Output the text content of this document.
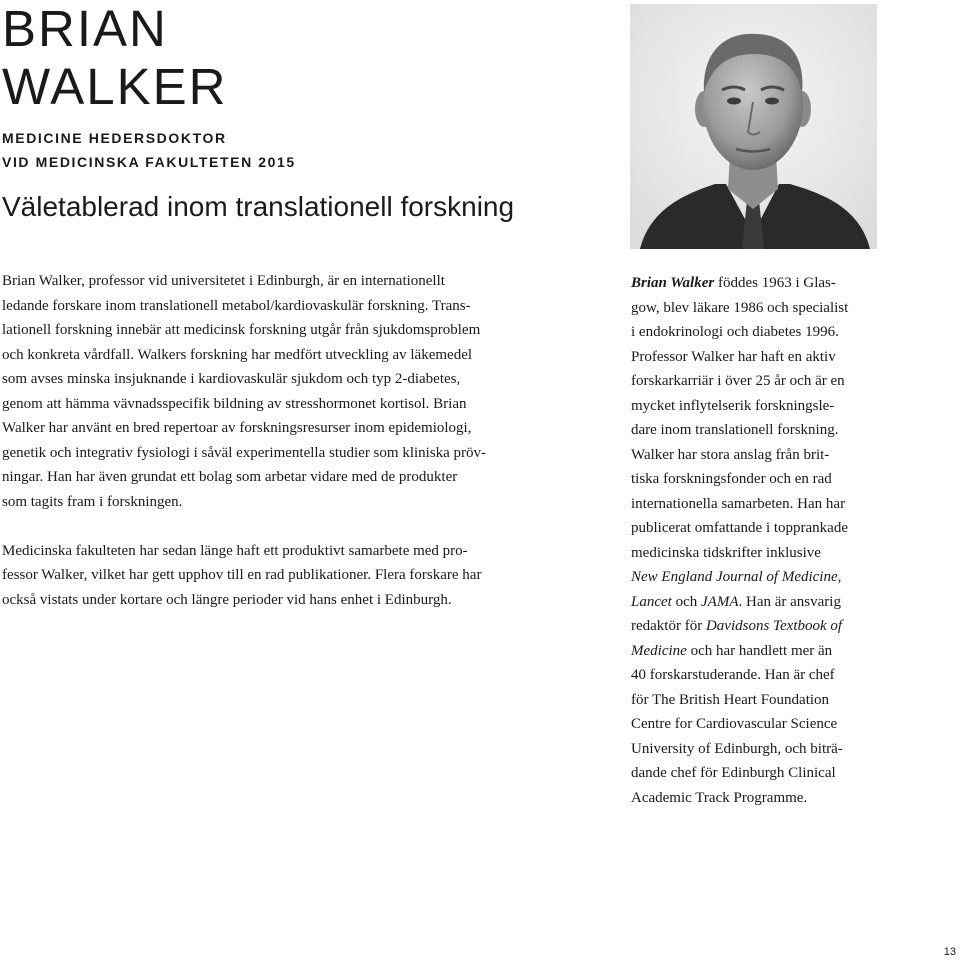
BRIAN
WALKER
MEDICINE HEDERSDOKTOR
VID MEDICINSKA FAKULTETEN 2015
Väletablerad inom translationell forskning

Brian Walker, professor vid universitetet i Edinburgh, är en internationellt
ledande forskare inom translationell metabol/kardiovaskulär forskning. Trans-
lationell forskning innebär att medicinsk forskning utgår från sjukdomsproblem
och konkreta vårdfall. Walkers forskning har medfört utveckling av läkemedel
som avses minska insjuknande i kardiovaskulär sjukdom och typ 2-diabetes,
genom att hämma vävnadsspecifik bildning av stresshormonet kortisol. Brian
Walker har använt en bred repertoar av forskningsresurser inom epidemiologi,
genetik och integrativ fysiologi i såväl experimentella studier som kliniska pröv-
ningar. Han har även grundat ett bolag som arbetar vidare med de produkter
som tagits fram i forskningen.

Medicinska fakulteten har sedan länge haft ett produktivt samarbete med pro-
fessor Walker, vilket har gett upphov till en rad publikationer. Flera forskare har
också vistats under kortare och längre perioder vid hans enhet i Edinburgh.

Brian Walker föddes 1963 i Glas-
gow, blev läkare 1986 och specialist
i endokrinologi och diabetes 1996.
Professor Walker har haft en aktiv
forskarkarriär i över 25 år och är en
mycket inflytelserik forskningsle-
dare inom translationell forskning.
Walker har stora anslag från brit-
tiska forskningsfonder och en rad
internationella samarbeten. Han har
publicerat omfattande i topprankade
medicinska tidskrifter inklusive
New England Journal of Medicine,
Lancet och JAMA. Han är ansvarig
redaktör för Davidsons Textbook of
Medicine och har handlett mer än
40 forskarstuderande. Han är chef
för The British Heart Foundation
Centre for Cardiovascular Science
University of Edinburgh, och biträ-
dande chef för Edinburgh Clinical
Academic Track Programme.
13
